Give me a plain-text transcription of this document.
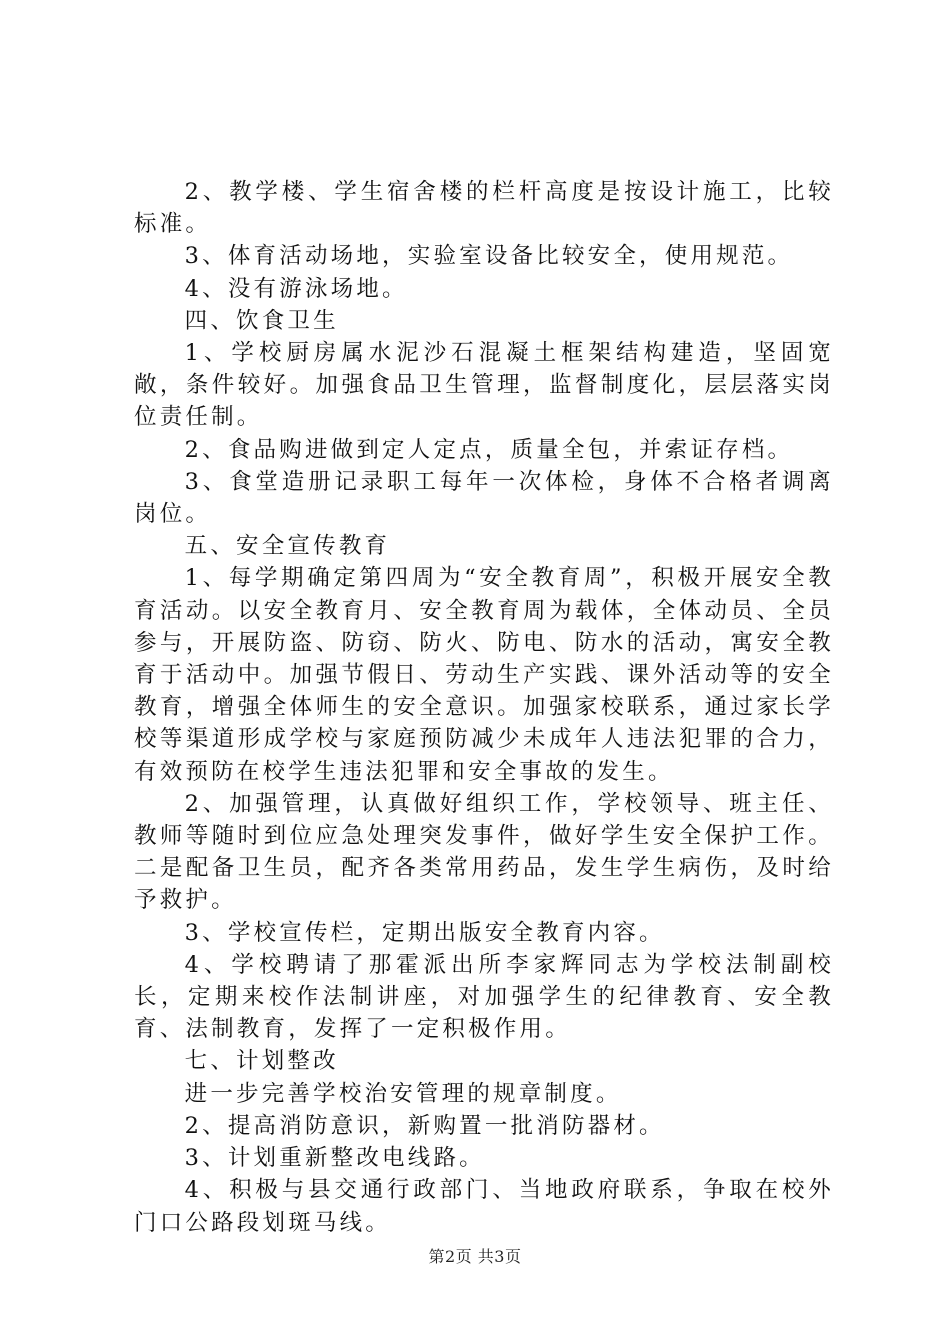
2、教学楼、学生宿舍楼的栏杆高度是按设计施工，比较标准。

3、体育活动场地，实验室设备比较安全，使用规范。

4、没有游泳场地。

四、饮食卫生

1、学校厨房属水泥沙石混凝土框架结构建造，坚固宽敞，条件较好。加强食品卫生管理，监督制度化，层层落实岗位责任制。

2、食品购进做到定人定点，质量全包，并索证存档。

3、食堂造册记录职工每年一次体检，身体不合格者调离岗位。

五、安全宣传教育

1、每学期确定第四周为“安全教育周”，积极开展安全教育活动。以安全教育月、安全教育周为载体，全体动员、全员参与，开展防盗、防窃、防火、防电、防水的活动，寓安全教育于活动中。加强节假日、劳动生产实践、课外活动等的安全教育，增强全体师生的安全意识。加强家校联系，通过家长学校等渠道形成学校与家庭预防减少未成年人违法犯罪的合力，有效预防在校学生违法犯罪和安全事故的发生。

2、加强管理，认真做好组织工作，学校领导、班主任、教师等随时到位应急处理突发事件，做好学生安全保护工作。二是配备卫生员，配齐各类常用药品，发生学生病伤，及时给予救护。

3、学校宣传栏，定期出版安全教育内容。

4、学校聘请了那霍派出所李家辉同志为学校法制副校长，定期来校作法制讲座，对加强学生的纪律教育、安全教育、法制教育，发挥了一定积极作用。

七、计划整改

进一步完善学校治安管理的规章制度。

2、提高消防意识，新购置一批消防器材。

3、计划重新整改电线路。

4、积极与县交通行政部门、当地政府联系，争取在校外门口公路段划斑马线。

第2页 共3页
